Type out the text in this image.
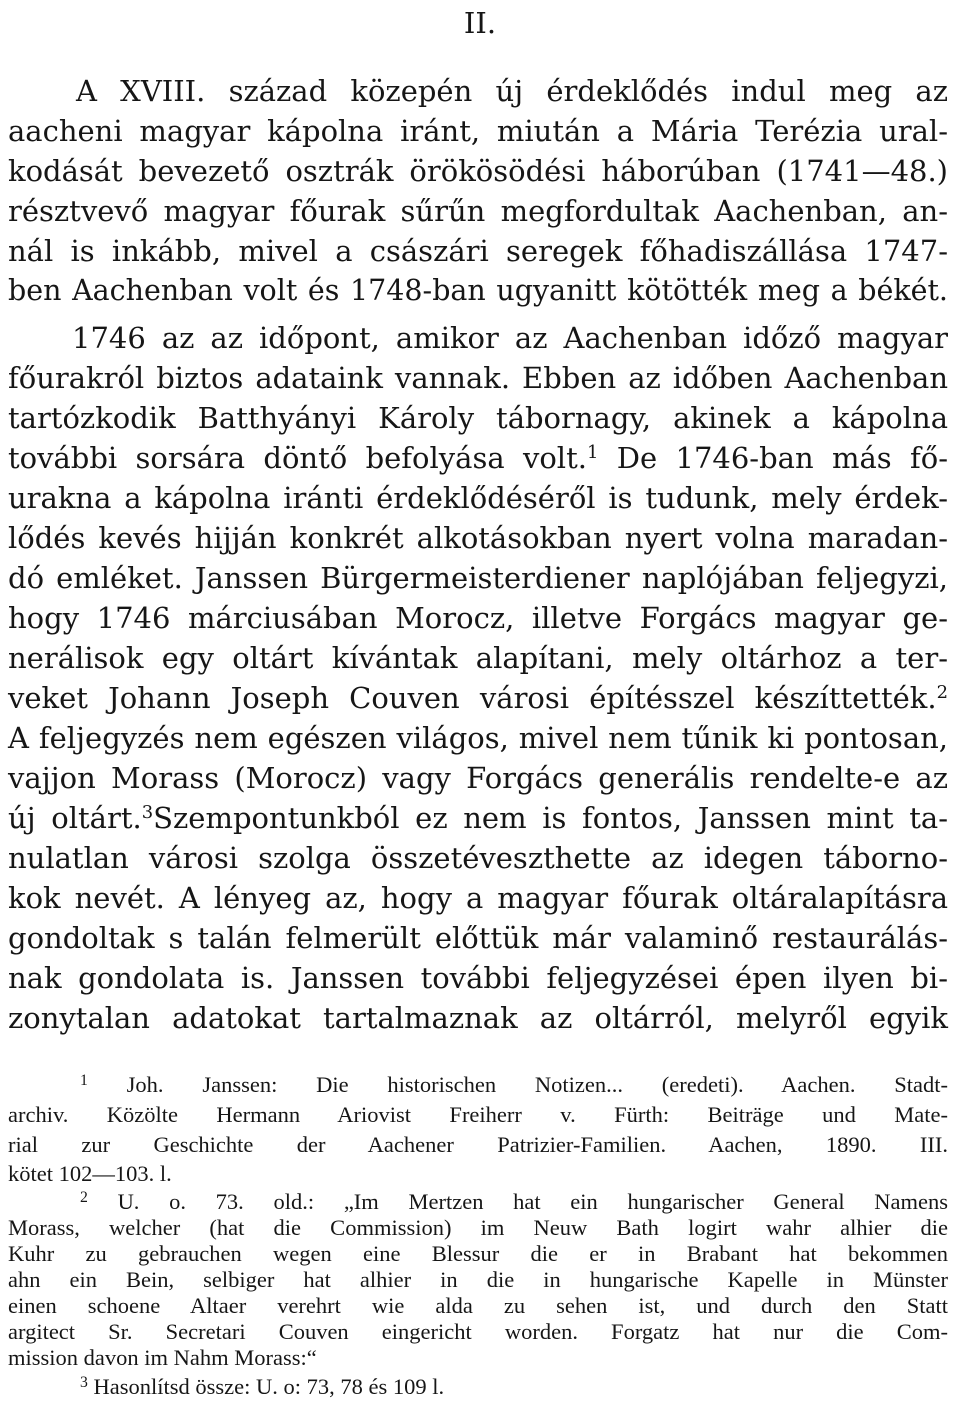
II.
A XVIII. század közepén új érdeklődés indul meg az
aacheni magyar kápolna iránt, miután a Mária Terézia ural-
kodását bevezető osztrák örökösödési háborúban (1741—48.)
résztvevő magyar főurak sűrűn megfordultak Aachenban, an-
nál is inkább, mivel a császári seregek főhadiszállása 1747-
ben Aachenban volt és 1748-ban ugyanitt kötötték meg a békét.
1746 az az időpont, amikor az Aachenban időző magyar
főurakról biztos adataink vannak. Ebben az időben Aachenban
tartózkodik Batthyányi Károly tábornagy, akinek a kápolna
további sorsára döntő befolyása volt.$^1$ De 1746-ban más fő-
urakna a kápolna iránti érdeklődéséről is tudunk, mely érdek-
lődés kevés hijján konkrét alkotásokban nyert volna maradan-
dó emléket. Janssen Bürgermeisterdiener naplójában feljegyzi,
hogy 1746 márciusában Morocz, illetve Forgács magyar ge-
nerálisok egy oltárt kívántak alapítani, mely oltárhoz a ter-
veket Johann Joseph Couven városi építésszel készíttették.$^2$
A feljegyzés nem egészen világos, mivel nem tűnik ki pontosan,
vajjon Morass (Morocz) vagy Forgács generális rendelte-e az
új oltárt.$^3$Szempontunkból ez nem is fontos, Janssen mint ta-
nulatlan városi szolga összetéveszthette az idegen táborno-
kok nevét. A lényeg az, hogy a magyar főurak oltáralapításra
gondoltak s talán felmerült előttük már valaminő restaurálás-
nak gondolata is. Janssen további feljegyzései épen ilyen bi-
zonytalan adatokat tartalmaznak az oltárról, melyről egyik
$^1$ Joh. Janssen: Die historischen Notizen... (eredeti). Aachen. Stadt-
archiv. Közölte Hermann Ariovist Freiherr v. Fürth: Beiträge und Mate-
rial zur Geschichte der Aachener Patrizier-Familien. Aachen, 1890. III.
kötet 102—103. l.
$^2$ U. o. 73. old.: „Im Mertzen hat ein hungarischer General Namens
Morass, welcher (hat die Commission) im Neuw Bath logirt wahr alhier die
Kuhr zu gebrauchen wegen eine Blessur die er in Brabant hat bekommen
ahn ein Bein, selbiger hat alhier in die in hungarische Kapelle in Münster
einen schoene Altaer verehrt wie alda zu sehen ist, und durch den Statt
argitect Sr. Secretari Couven eingericht worden. Forgatz hat nur die Com-
mission davon im Nahm Morass:“
$^3$ Hasonlítsd össze: U. o: 73, 78 és 109 l.
